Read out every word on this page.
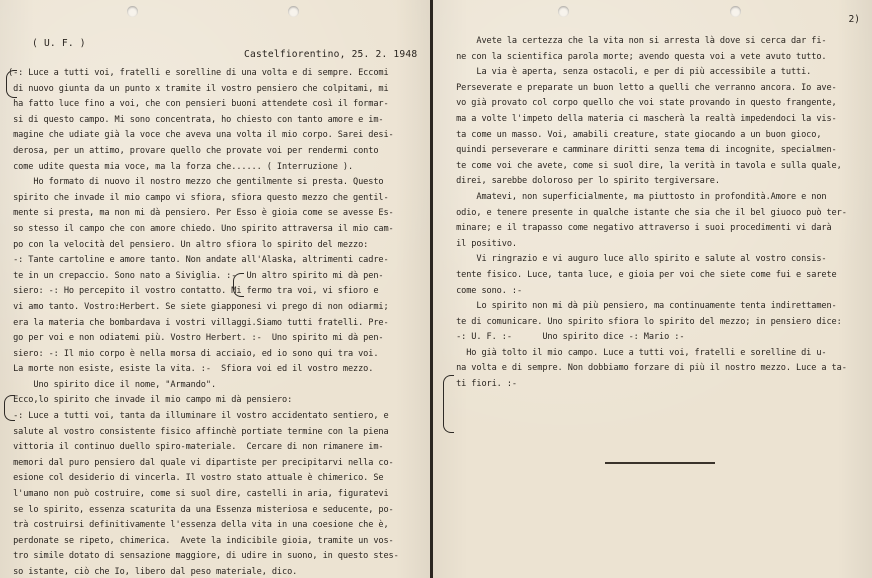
( U. F. )

Castelfiorentino, 25. 2. 1948

(-: Luce a tutti voi, fratelli e sorelline di una volta e di sempre. Eccomi
di nuovo giunta da un punto x tramite il vostro pensiero che colpitami, mi
ha fatto luce fino a voi, che con pensieri buoni attendete così il formar-
si di questo campo. Mi sono concentrata, ho chiesto con tanto amore e im-
magine che udiate già la voce che aveva una volta il mio corpo. Sarei desi-
derosa, per un attimo, provare quello che provate voi per rendermi conto
come udite questa mia voce, ma la forza che...... ( Interruzione ).
Ho formato di nuovo il nostro mezzo che gentilmente si presta. Questo
spirito che invade il mio campo vi sfiora, sfiora questo mezzo che gentil-
mente si presta, ma non mi dà pensiero. Per Esso è gioia come se avesse Es-
so stesso il campo che con amore chiedo. Uno spirito attraversa il mio cam-
po con la velocità del pensiero. Un altro sfiora lo spirito del mezzo:
-: Tante cartoline e amore tanto. Non andate all'Alaska, altrimenti cadre-
te in un crepaccio. Sono nato a Siviglia. :-  Un altro spirito mi dà pen-
siero: -: Ho percepito il vostro contatto. Mi fermo tra voi, vi sfioro e
vi amo tanto. Vostro:Herbert. Se siete giapponesi vi prego di non odiarmi;
era la materia che bombardava i vostri villaggi.Siamo tutti fratelli. Pre-
go per voi e non odiatemi più. Vostro Herbert. :-  Uno spirito mi dà pen-
siero: -: Il mio corpo è nella morsa di acciaio, ed io sono qui tra voi.
La morte non esiste, esiste la vita. :-  Sfiora voi ed il vostro mezzo.
Uno spirito dice il nome, "Armando".
Ecco,lo spirito che invade il mio campo mi dà pensiero:
-: Luce a tutti voi, tanta da illuminare il vostro accidentato sentiero, e
salute al vostro consistente fisico affinchè portiate termine con la piena
vittoria il continuo duello spiro-materiale.  Cercare di non rimanere im-
memori dal puro pensiero dal quale vi dipartiste per precipitarvi nella co-
esione col desiderio di vincerla. Il vostro stato attuale è chimerico. Se
l'umano non può costruire, come si suol dire, castelli in aria, figuratevi
se lo spirito, essenza scaturita da una Essenza misteriosa e seducente, po-
trà costruirsi definitivamente l'essenza della vita in una coesione che è,
perdonate se ripeto, chimerica.  Avete la indicibile gioia, tramite un vos-
tro simile dotato di sensazione maggiore, di udire in suono, in questo stes-
so istante, ciò che Io, libero dal peso materiale, dico.
2)
Avete la certezza che la vita non si arresta là dove si cerca dar fi-
ne con la scientifica parola morte; avendo questa voi a vete avuto tutto.
La via è aperta, senza ostacoli, e per di più accessibile a tutti.
Perseverate e preparate un buon letto a quelli che verranno ancora. Io ave-
vo già provato col corpo quello che voi state provando in questo frangente,
ma a volte l'impeto della materia ci mascherà la realtà impedendoci la vis-
ta come un masso. Voi, amabili creature, state giocando a un buon gioco,
quindi perseverare e camminare diritti senza tema di incognite, specialmen-
te come voi che avete, come si suol dire, la verità in tavola e sulla quale,
direi, sarebbe doloroso per lo spirito tergiversare.
Amatevi, non superficialmente, ma piuttosto in profondità.Amore e non
odio, e tenere presente in qualche istante che sia che il bel giuoco può ter-
minare; e il trapasso come negativo attraverso i suoi procedimenti vi darà
il positivo.
Vi ringrazio e vi auguro luce allo spirito e salute al vostro consis-
tente fisico. Luce, tanta luce, e gioia per voi che siete come fui e sarete
come sono. :-
Lo spirito non mi dà più pensiero, ma continuamente tenta indirettamen-
te di comunicare. Uno spirito sfiora lo spirito del mezzo; in pensiero dice:
-: U. F. :-      Uno spirito dice -: Mario :-
Ho già tolto il mio campo. Luce a tutti voi, fratelli e sorelline di u-
na volta e di sempre. Non dobbiamo forzare di più il nostro mezzo. Luce a ta-
ti fiori. :-
